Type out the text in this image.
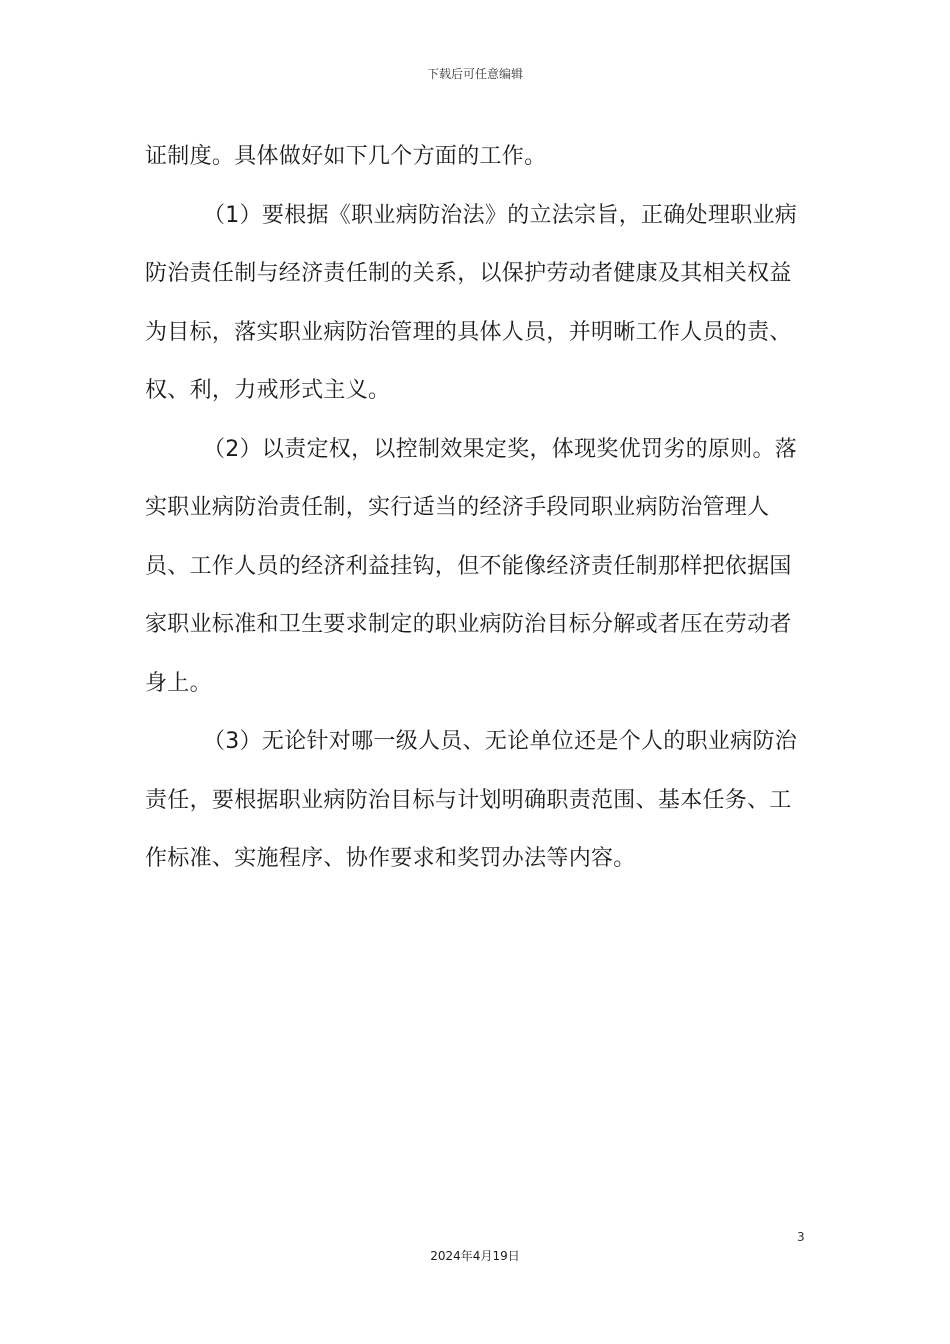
下载后可任意编辑

证制度。具体做好如下几个方面的工作。

（1）要根据《职业病防治法》的立法宗旨，正确处理职业病防治责任制与经济责任制的关系，以保护劳动者健康及其相关权益为目标，落实职业病防治管理的具体人员，并明晰工作人员的责、权、利，力戒形式主义。

（2）以责定权，以控制效果定奖，体现奖优罚劣的原则。落实职业病防治责任制，实行适当的经济手段同职业病防治管理人员、工作人员的经济利益挂钩，但不能像经济责任制那样把依据国家职业标准和卫生要求制定的职业病防治目标分解或者压在劳动者身上。

（3）无论针对哪一级人员、无论单位还是个人的职业病防治责任，要根据职业病防治目标与计划明确职责范围、基本任务、工作标准、实施程序、协作要求和奖罚办法等内容。

3
2024年4月19日
